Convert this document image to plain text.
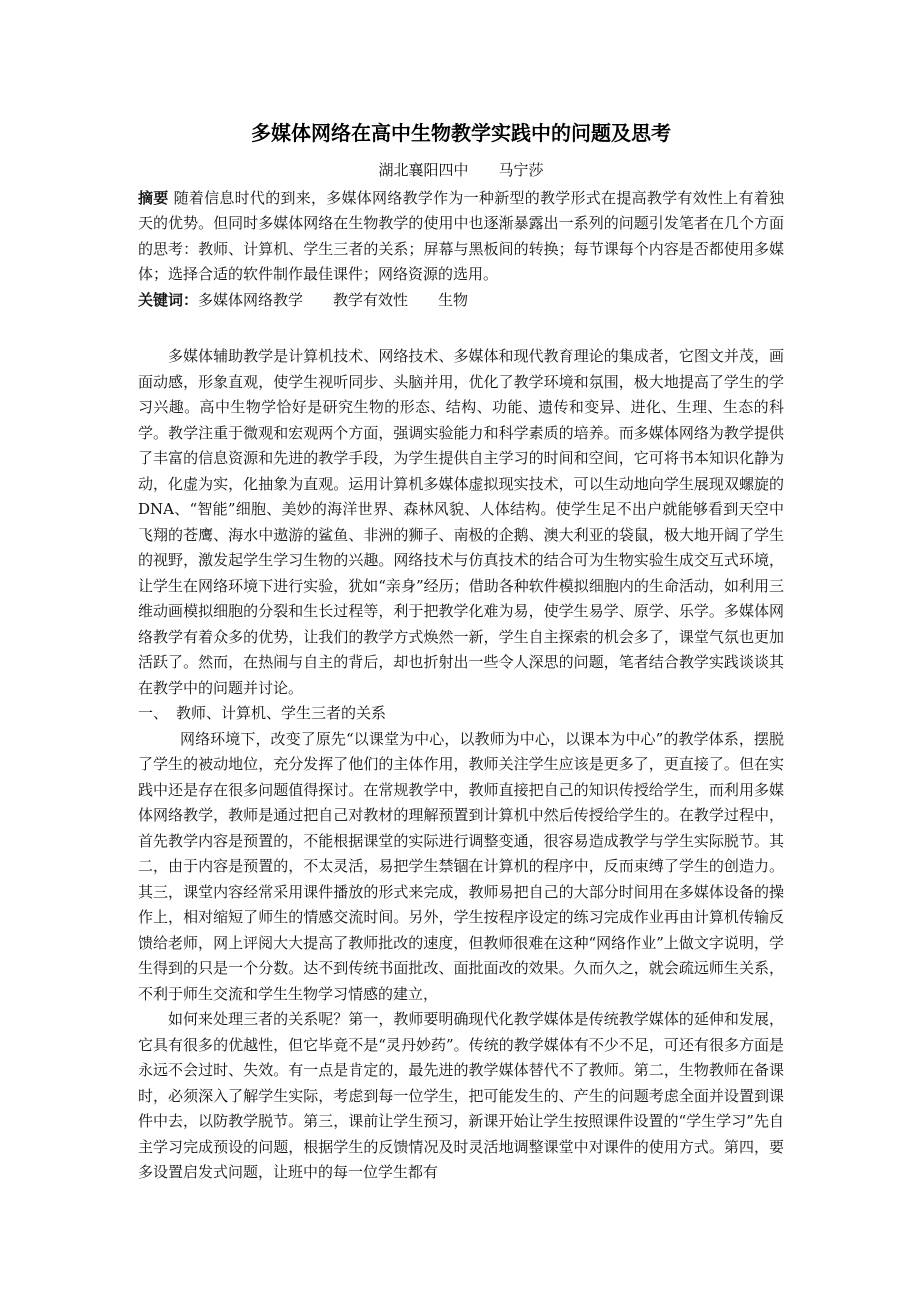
多媒体网络在高中生物教学实践中的问题及思考
湖北襄阳四中 马宁莎

摘要 随着信息时代的到来，多媒体网络教学作为一种新型的教学形式在提高教学有效性上有着独天的优势。但同时多媒体网络在生物教学的使用中也逐渐暴露出一系列的问题引发笔者在几个方面的思考：教师、计算机、学生三者的关系；屏幕与黑板间的转换；每节课每个内容是否都使用多媒体；选择合适的软件制作最佳课件；网络资源的选用。

关键词：多媒体网络教学 教学有效性 生物

多媒体辅助教学是计算机技术、网络技术、多媒体和现代教育理论的集成者，它图文并茂，画面动感，形象直观，使学生视听同步、头脑并用，优化了教学环境和氛围，极大地提高了学生的学习兴趣。高中生物学恰好是研究生物的形态、结构、功能、遗传和变异、进化、生理、生态的科学。教学注重于微观和宏观两个方面，强调实验能力和科学素质的培养。而多媒体网络为教学提供了丰富的信息资源和先进的教学手段，为学生提供自主学习的时间和空间，它可将书本知识化静为动，化虚为实，化抽象为直观。运用计算机多媒体虚拟现实技术，可以生动地向学生展现双螺旋的DNA、“智能”细胞、美妙的海洋世界、森林风貌、人体结构。使学生足不出户就能够看到天空中飞翔的苍鹰、海水中遨游的鲨鱼、非洲的狮子、南极的企鹅、澳大利亚的袋鼠，极大地开阔了学生的视野，激发起学生学习生物的兴趣。网络技术与仿真技术的结合可为生物实验生成交互式环境，让学生在网络环境下进行实验，犹如“亲身”经历；借助各种软件模拟细胞内的生命活动，如利用三维动画模拟细胞的分裂和生长过程等，利于把教学化难为易，使学生易学、原学、乐学。多媒体网络教学有着众多的优势，让我们的教学方式焕然一新，学生自主探索的机会多了，课堂气氛也更加活跃了。然而，在热闹与自主的背后，却也折射出一些令人深思的问题，笔者结合教学实践谈谈其在教学中的问题并讨论。

一、 教师、计算机、学生三者的关系

网络环境下，改变了原先“以课堂为中心，以教师为中心，以课本为中心”的教学体系，摆脱了学生的被动地位，充分发挥了他们的主体作用，教师关注学生应该是更多了，更直接了。但在实践中还是存在很多问题值得探讨。在常规教学中，教师直接把自己的知识传授给学生，而利用多媒体网络教学，教师是通过把自己对教材的理解预置到计算机中然后传授给学生的。在教学过程中，首先教学内容是预置的，不能根据课堂的实际进行调整变通，很容易造成教学与学生实际脱节。其二，由于内容是预置的，不太灵活，易把学生禁锢在计算机的程序中，反而束缚了学生的创造力。其三，课堂内容经常采用课件播放的形式来完成，教师易把自己的大部分时间用在多媒体设备的操作上，相对缩短了师生的情感交流时间。另外，学生按程序设定的练习完成作业再由计算机传输反馈给老师，网上评阅大大提高了教师批改的速度，但教师很难在这种“网络作业”上做文字说明，学生得到的只是一个分数。达不到传统书面批改、面批面改的效果。久而久之，就会疏远师生关系，不利于师生交流和学生生物学习情感的建立，

如何来处理三者的关系呢？第一，教师要明确现代化教学媒体是传统教学媒体的延伸和发展，它具有很多的优越性，但它毕竟不是“灵丹妙药”。传统的教学媒体有不少不足，可还有很多方面是永远不会过时、失效。有一点是肯定的，最先进的教学媒体替代不了教师。第二，生物教师在备课时，必须深入了解学生实际，考虑到每一位学生，把可能发生的、产生的问题考虑全面并设置到课件中去，以防教学脱节。第三，课前让学生预习，新课开始让学生按照课件设置的“学生学习”先自主学习完成预设的问题，根据学生的反馈情况及时灵活地调整课堂中对课件的使用方式。第四，要多设置启发式问题，让班中的每一位学生都有
